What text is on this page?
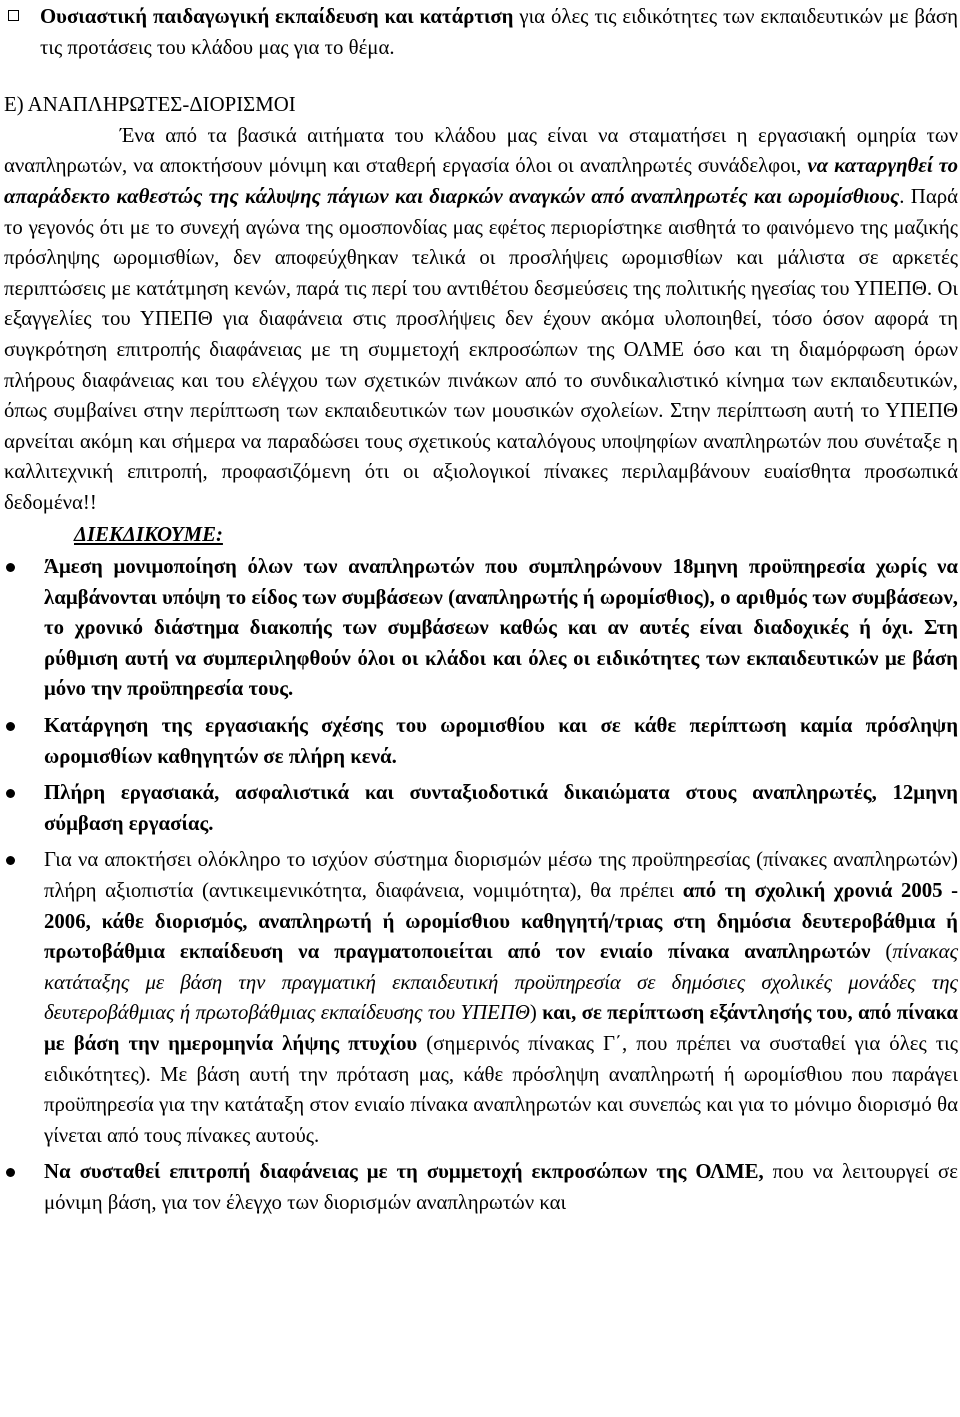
Ουσιαστική παιδαγωγική εκπαίδευση και κατάρτιση για όλες τις ειδικότητες των εκπαιδευτικών με βάση τις προτάσεις του κλάδου μας για το θέμα.
Ε) ΑΝΑΠΛΗΡΩΤΕΣ-ΔΙΟΡΙΣΜΟΙ

Ένα από τα βασικά αιτήματα του κλάδου μας είναι να σταματήσει η εργασιακή ομηρία των αναπληρωτών, να αποκτήσουν μόνιμη και σταθερή εργασία όλοι οι αναπληρωτές συνάδελφοι, να καταργηθεί το απαράδεκτο καθεστώς της κάλυψης πάγιων και διαρκών αναγκών από αναπληρωτές και ωρομίσθιους. Παρά το γεγονός ότι με το συνεχή αγώνα της ομοσπονδίας μας εφέτος περιορίστηκε αισθητά το φαινόμενο της μαζικής πρόσληψης ωρομισθίων, δεν αποφεύχθηκαν τελικά οι προσλήψεις ωρομισθίων και μάλιστα σε αρκετές περιπτώσεις με κατάτμηση κενών, παρά τις περί του αντιθέτου δεσμεύσεις της πολιτικής ηγεσίας του ΥΠΕΠΘ. Οι εξαγγελίες του ΥΠΕΠΘ για διαφάνεια στις προσλήψεις δεν έχουν ακόμα υλοποιηθεί, τόσο όσον αφορά τη συγκρότηση επιτροπής διαφάνειας με τη συμμετοχή εκπροσώπων της ΟΛΜΕ όσο και τη διαμόρφωση όρων πλήρους διαφάνειας και του ελέγχου των σχετικών πινάκων από το συνδικαλιστικό κίνημα των εκπαιδευτικών, όπως συμβαίνει στην περίπτωση των εκπαιδευτικών των μουσικών σχολείων. Στην περίπτωση αυτή το ΥΠΕΠΘ αρνείται ακόμη και σήμερα να παραδώσει τους σχετικούς καταλόγους υποψηφίων αναπληρωτών που συνέταξε η καλλιτεχνική επιτροπή, προφασιζόμενη ότι οι αξιολογικοί πίνακες περιλαμβάνουν ευαίσθητα προσωπικά δεδομένα!!

ΔΙΕΚΔΙΚΟΥΜΕ:
Άμεση μονιμοποίηση όλων των αναπληρωτών που συμπληρώνουν 18μηνη προϋπηρεσία χωρίς να λαμβάνονται υπόψη το είδος των συμβάσεων (αναπληρωτής ή ωρομίσθιος), ο αριθμός των συμβάσεων, το χρονικό διάστημα διακοπής των συμβάσεων καθώς και αν αυτές είναι διαδοχικές ή όχι. Στη ρύθμιση αυτή να συμπεριληφθούν όλοι οι κλάδοι και όλες οι ειδικότητες των εκπαιδευτικών με βάση μόνο την προϋπηρεσία τους.
Κατάργηση της εργασιακής σχέσης του ωρομισθίου και σε κάθε περίπτωση καμία πρόσληψη ωρομισθίων καθηγητών σε πλήρη κενά.
Πλήρη εργασιακά, ασφαλιστικά και συνταξιοδοτικά δικαιώματα στους αναπληρωτές, 12μηνη σύμβαση εργασίας.
Για να αποκτήσει ολόκληρο το ισχύον σύστημα διορισμών μέσω της προϋπηρεσίας (πίνακες αναπληρωτών) πλήρη αξιοπιστία (αντικειμενικότητα, διαφάνεια, νομιμότητα), θα πρέπει από τη σχολική χρονιά 2005 - 2006, κάθε διορισμός, αναπληρωτή ή ωρομίσθιου καθηγητή/τριας στη δημόσια δευτεροβάθμια ή πρωτοβάθμια εκπαίδευση να πραγματοποιείται από τον ενιαίο πίνακα αναπληρωτών (πίνακας κατάταξης με βάση την πραγματική εκπαιδευτική προϋπηρεσία σε δημόσιες σχολικές μονάδες της δευτεροβάθμιας ή πρωτοβάθμιας εκπαίδευσης του ΥΠΕΠΘ) και, σε περίπτωση εξάντλησής του, από πίνακα με βάση την ημερομηνία λήψης πτυχίου (σημερινός πίνακας Γ΄, που πρέπει να συσταθεί για όλες τις ειδικότητες). Με βάση αυτή την πρόταση μας, κάθε πρόσληψη αναπληρωτή ή ωρομίσθιου που παράγει προϋπηρεσία για την κατάταξη στον ενιαίο πίνακα αναπληρωτών και συνεπώς και για το μόνιμο διορισμό θα γίνεται από τους πίνακες αυτούς.
Να συσταθεί επιτροπή διαφάνειας με τη συμμετοχή εκπροσώπων της ΟΛΜΕ, που να λειτουργεί σε μόνιμη βάση, για τον έλεγχο των διορισμών αναπληρωτών και
